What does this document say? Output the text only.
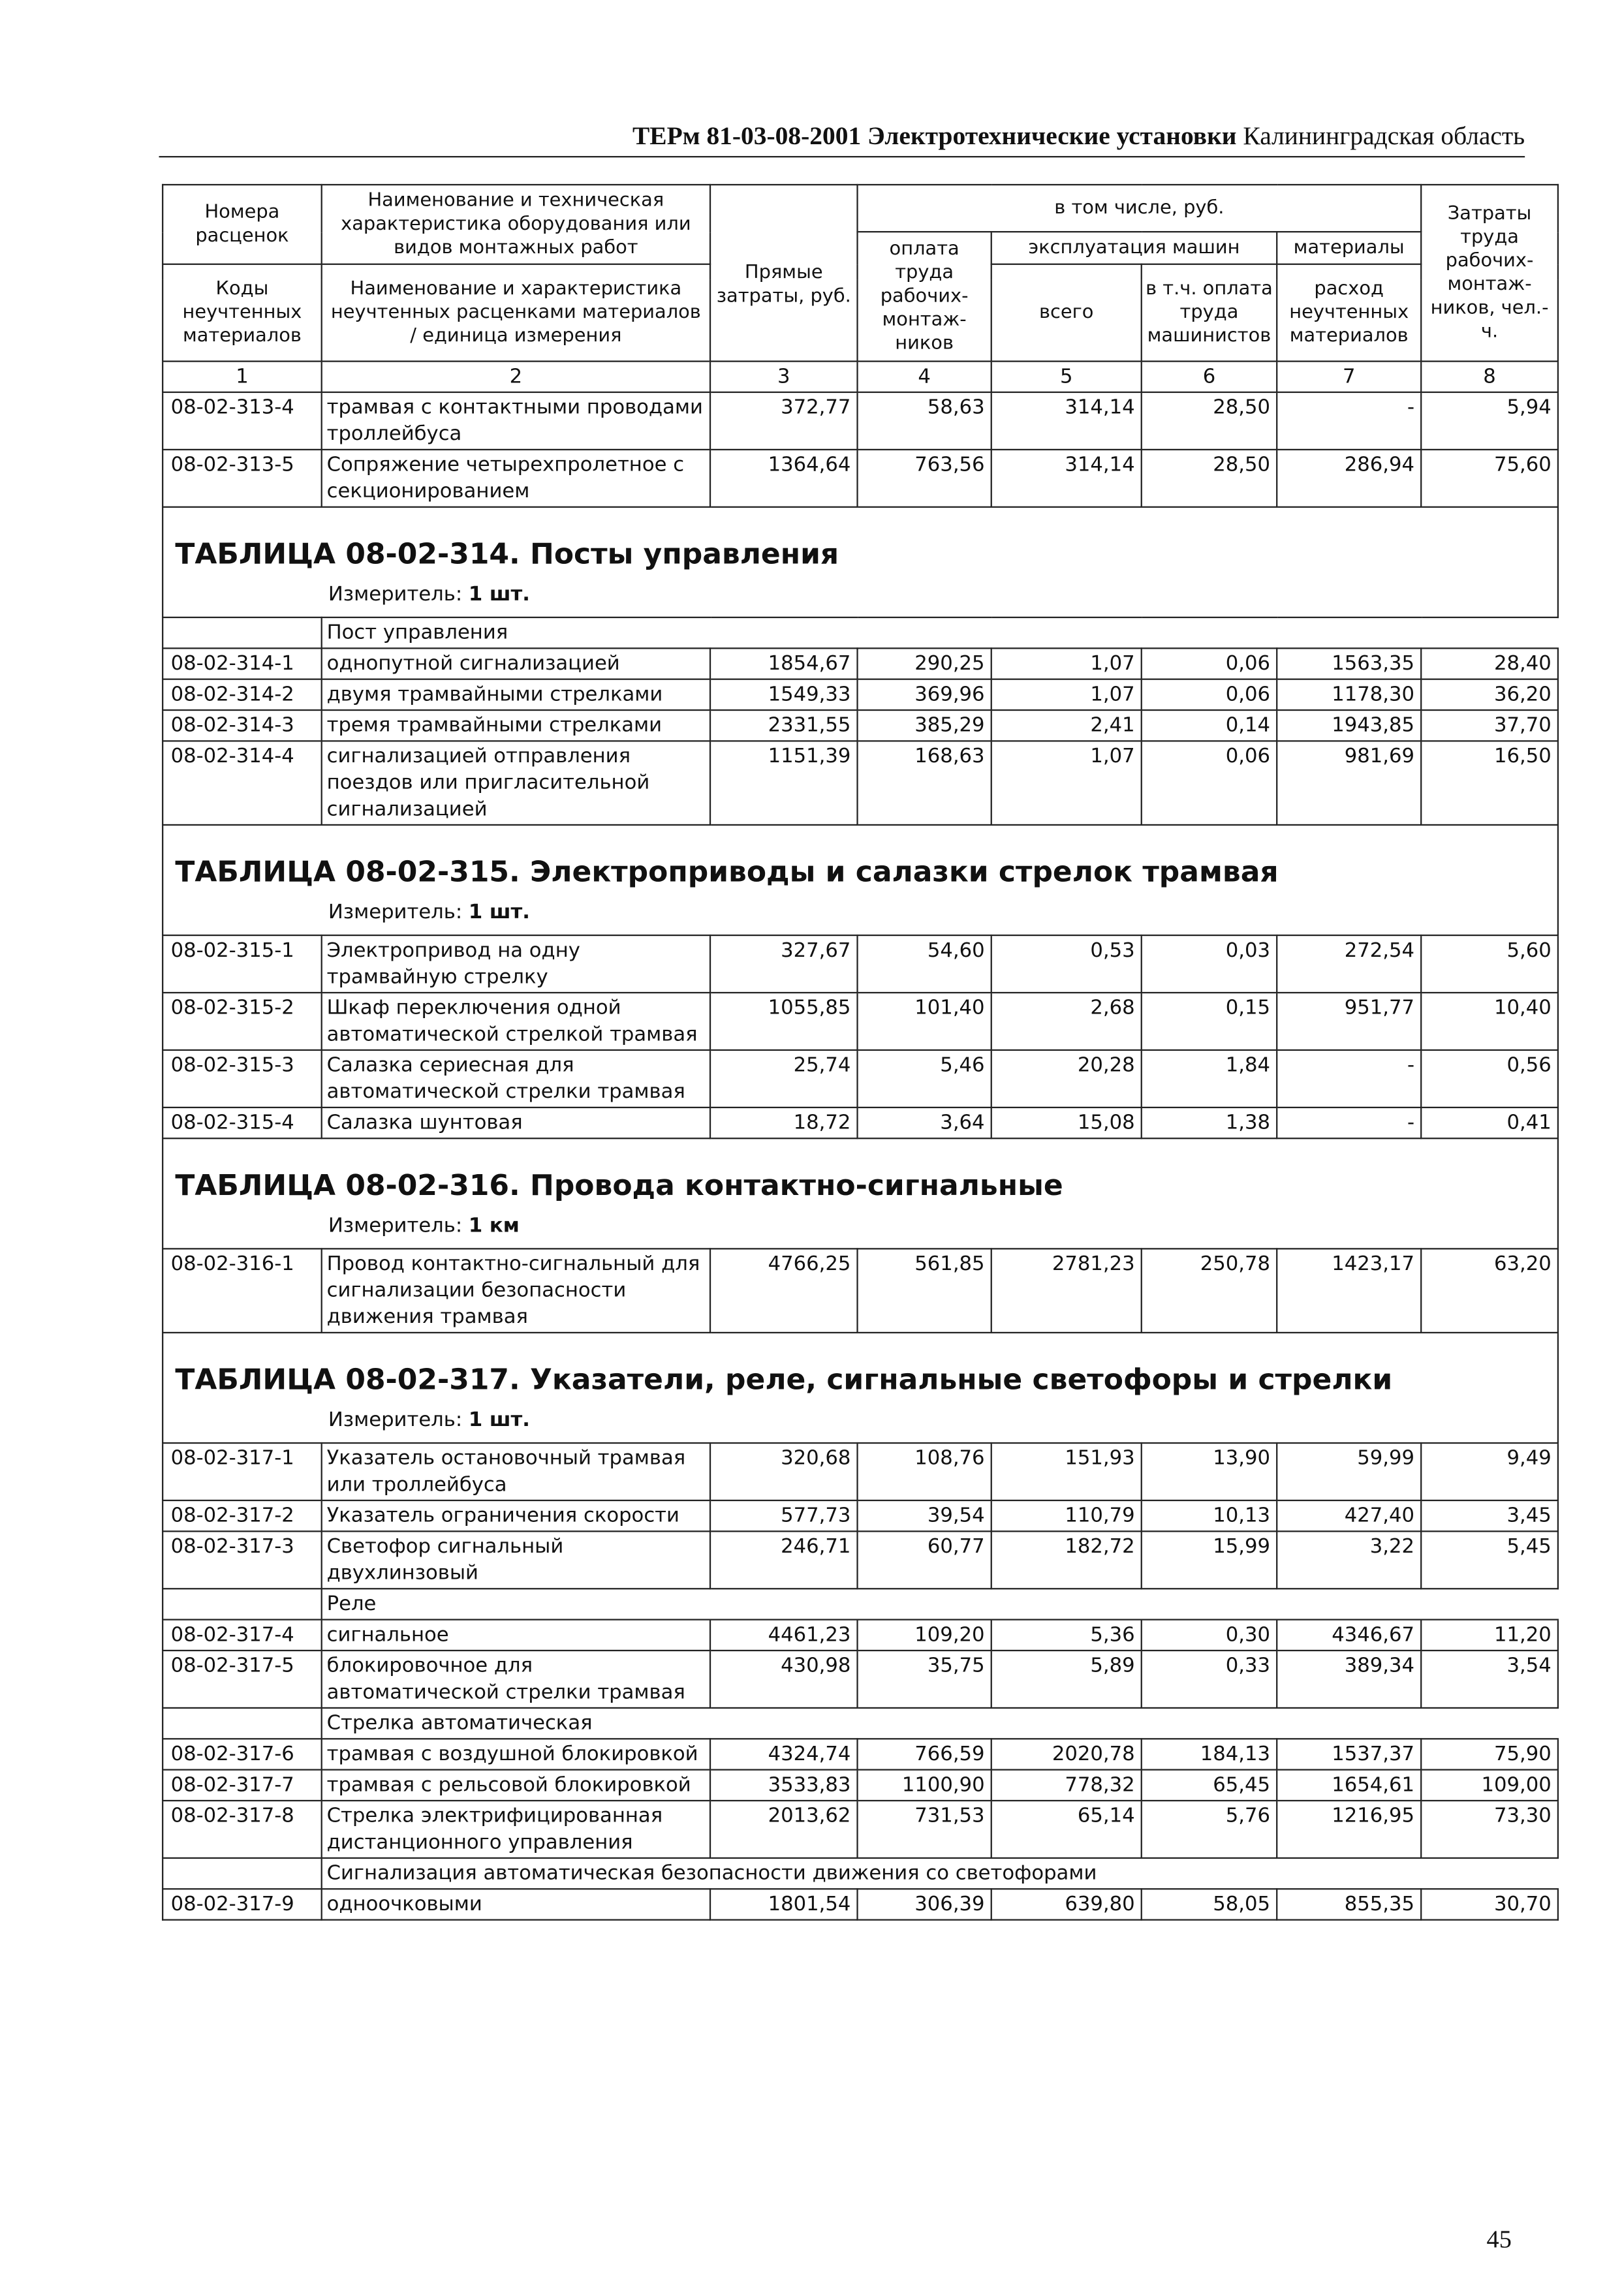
ТЕРм 81-03-08-2001 Электротехнические установки Калининградская область
Номера расценок	Наименование и техническая характеристика оборудования или видов монтажных работ	Прямые затраты, руб.	в том числе, руб.				Затраты труда рабочих-монтаж-ников, чел.-ч.
			оплата труда рабочих-монтаж-ников	эксплуатация машин		материалы	
Коды неучтенных материалов	Наименование и характеристика неучтенных расценками материалов / единица измерения			всего	в т.ч. оплата труда машинистов	расход неучтенных материалов	

1	2	3	4	5	6	7	8
08-02-313-4	трамвая с контактными проводами троллейбуса	372,77	58,63	314,14	28,50	-	5,94
08-02-313-5	Сопряжение четырехпролетное с секционированием	1364,64	763,56	314,14	28,50	286,94	75,60

ТАБЛИЦА 08-02-314. Посты управления
Измеритель: 1 шт.							

	Пост управления						
08-02-314-1	однопутной сигнализацией	1854,67	290,25	1,07	0,06	1563,35	28,40
08-02-314-2	двумя трамвайными стрелками	1549,33	369,96	1,07	0,06	1178,30	36,20
08-02-314-3	тремя трамвайными стрелками	2331,55	385,29	2,41	0,14	1943,85	37,70
08-02-314-4	сигнализацией отправления поездов или пригласительной сигнализацией	1151,39	168,63	1,07	0,06	981,69	16,50

ТАБЛИЦА 08-02-315. Электроприводы и салазки стрелок трамвая
Измеритель: 1 шт.							

08-02-315-1	Электропривод на одну трамвайную стрелку	327,67	54,60	0,53	0,03	272,54	5,60
08-02-315-2	Шкаф переключения одной автоматической стрелкой трамвая	1055,85	101,40	2,68	0,15	951,77	10,40
08-02-315-3	Салазка сериесная для автоматической стрелки трамвая	25,74	5,46	20,28	1,84	-	0,56
08-02-315-4	Салазка шунтовая	18,72	3,64	15,08	1,38	-	0,41

ТАБЛИЦА 08-02-316. Провода контактно-сигнальные
Измеритель: 1 км							

08-02-316-1	Провод контактно-сигнальный для сигнализации безопасности движения трамвая	4766,25	561,85	2781,23	250,78	1423,17	63,20

ТАБЛИЦА 08-02-317. Указатели, реле, сигнальные светофоры и стрелки
Измеритель: 1 шт.							

08-02-317-1	Указатель остановочный трамвая или троллейбуса	320,68	108,76	151,93	13,90	59,99	9,49
08-02-317-2	Указатель ограничения скорости	577,73	39,54	110,79	10,13	427,40	3,45
08-02-317-3	Светофор сигнальный двухлинзовый	246,71	60,77	182,72	15,99	3,22	5,45
	Реле						
08-02-317-4	сигнальное	4461,23	109,20	5,36	0,30	4346,67	11,20
08-02-317-5	блокировочное для автоматической стрелки трамвая	430,98	35,75	5,89	0,33	389,34	3,54
	Стрелка автоматическая						
08-02-317-6	трамвая с воздушной блокировкой	4324,74	766,59	2020,78	184,13	1537,37	75,90
08-02-317-7	трамвая с рельсовой блокировкой	3533,83	1100,90	778,32	65,45	1654,61	109,00
08-02-317-8	Стрелка электрифицированная дистанционного управления	2013,62	731,53	65,14	5,76	1216,95	73,30
	Сигнализация автоматическая безопасности движения со светофорами						
08-02-317-9	одноочковыми	1801,54	306,39	639,80	58,05	855,35	30,70
45
